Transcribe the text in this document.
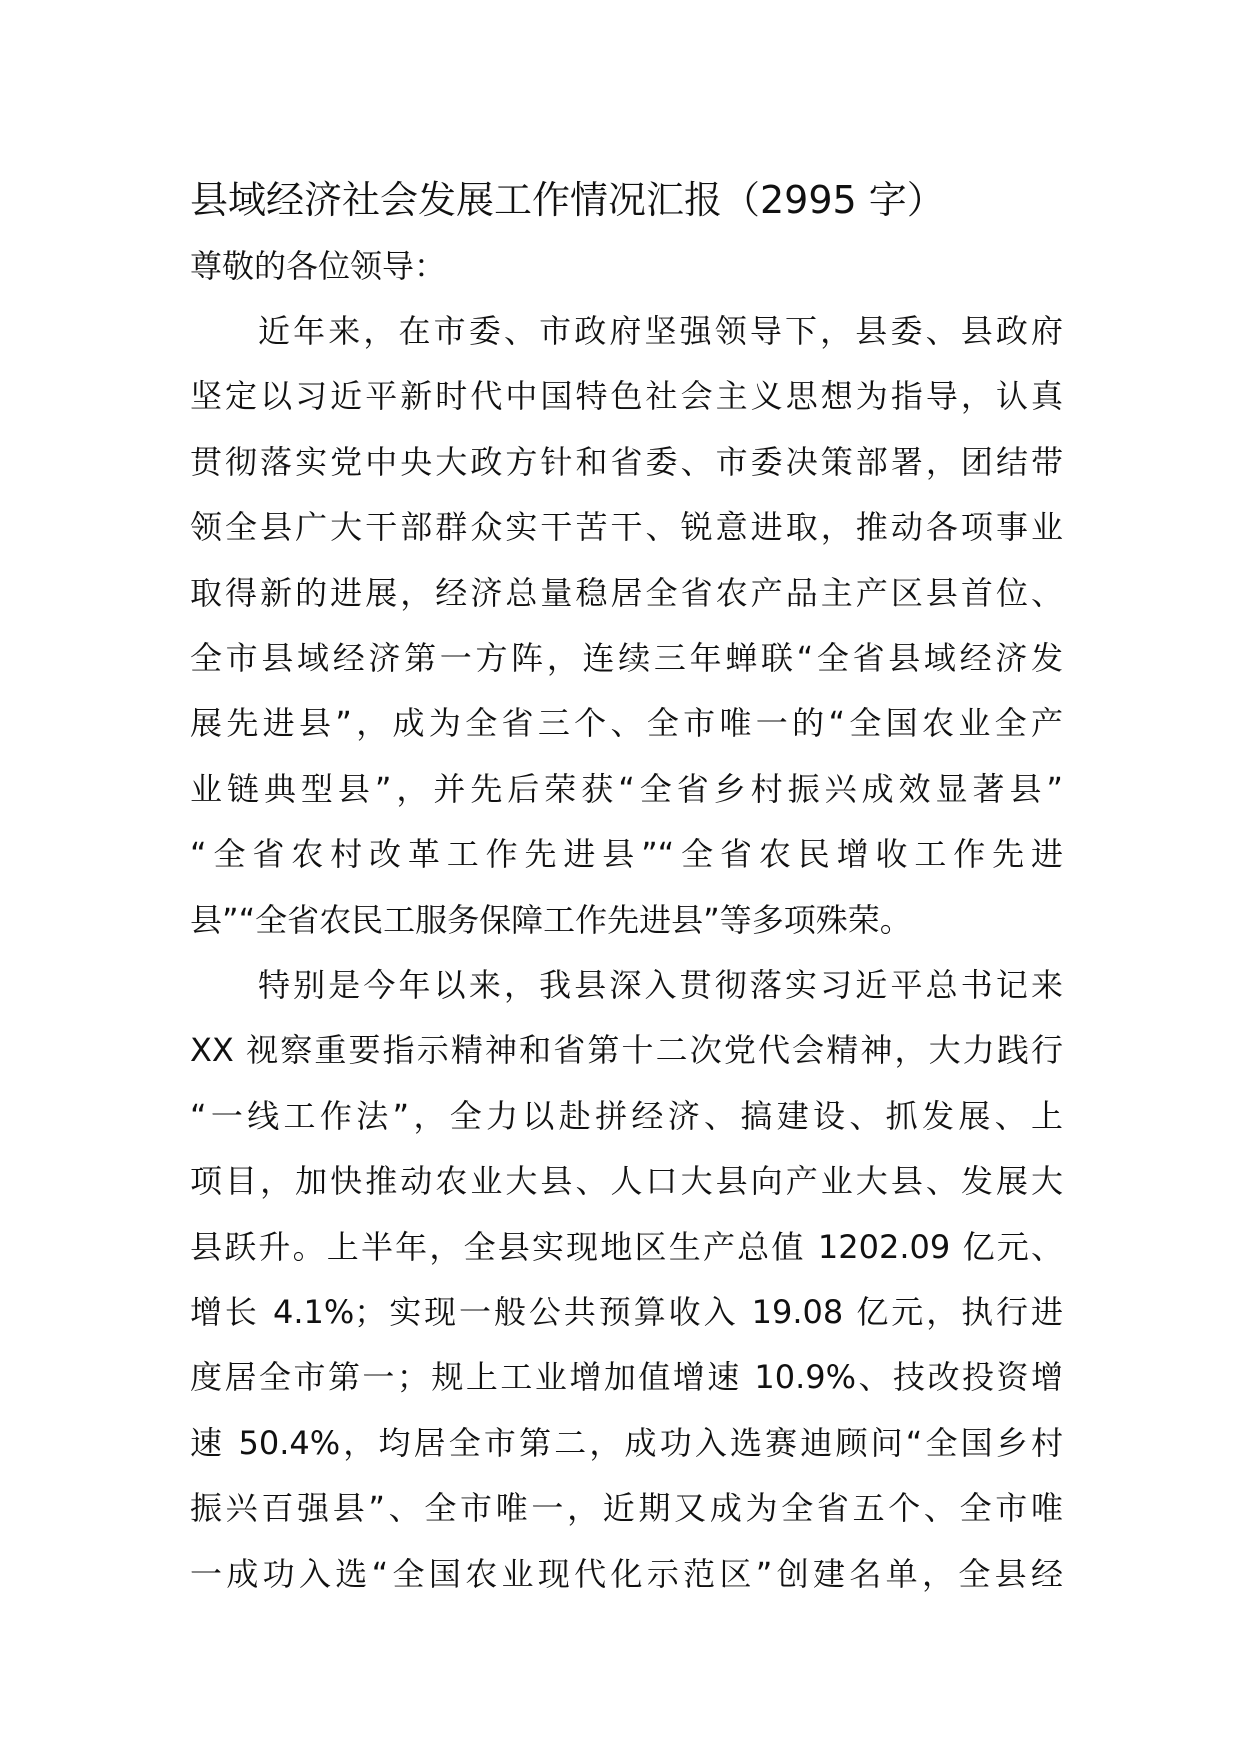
县域经济社会发展工作情况汇报（2995 字）
尊敬的各位领导：
近年来，在市委、市政府坚强领导下，县委、县政府
坚定以习近平新时代中国特色社会主义思想为指导，认真
贯彻落实党中央大政方针和省委、市委决策部署，团结带
领全县广大干部群众实干苦干、锐意进取，推动各项事业
取得新的进展，经济总量稳居全省农产品主产区县首位、
全市县域经济第一方阵，连续三年蝉联“全省县域经济发
展先进县”，成为全省三个、全市唯一的“全国农业全产
业链典型县”，并先后荣获“全省乡村振兴成效显著县”
“全省农村改革工作先进县”“全省农民增收工作先进
县”“全省农民工服务保障工作先进县”等多项殊荣。
特别是今年以来，我县深入贯彻落实习近平总书记来
XX 视察重要指示精神和省第十二次党代会精神，大力践行
“一线工作法”，全力以赴拼经济、搞建设、抓发展、上
项目，加快推动农业大县、人口大县向产业大县、发展大
县跃升。上半年，全县实现地区生产总值 1202.09 亿元、
增长 4.1%；实现一般公共预算收入 19.08 亿元，执行进
度居全市第一；规上工业增加值增速 10.9%、技改投资增
速 50.4%，均居全市第二，成功入选赛迪顾问“全国乡村
振兴百强县”、全市唯一，近期又成为全省五个、全市唯
一成功入选“全国农业现代化示范区”创建名单，全县经
